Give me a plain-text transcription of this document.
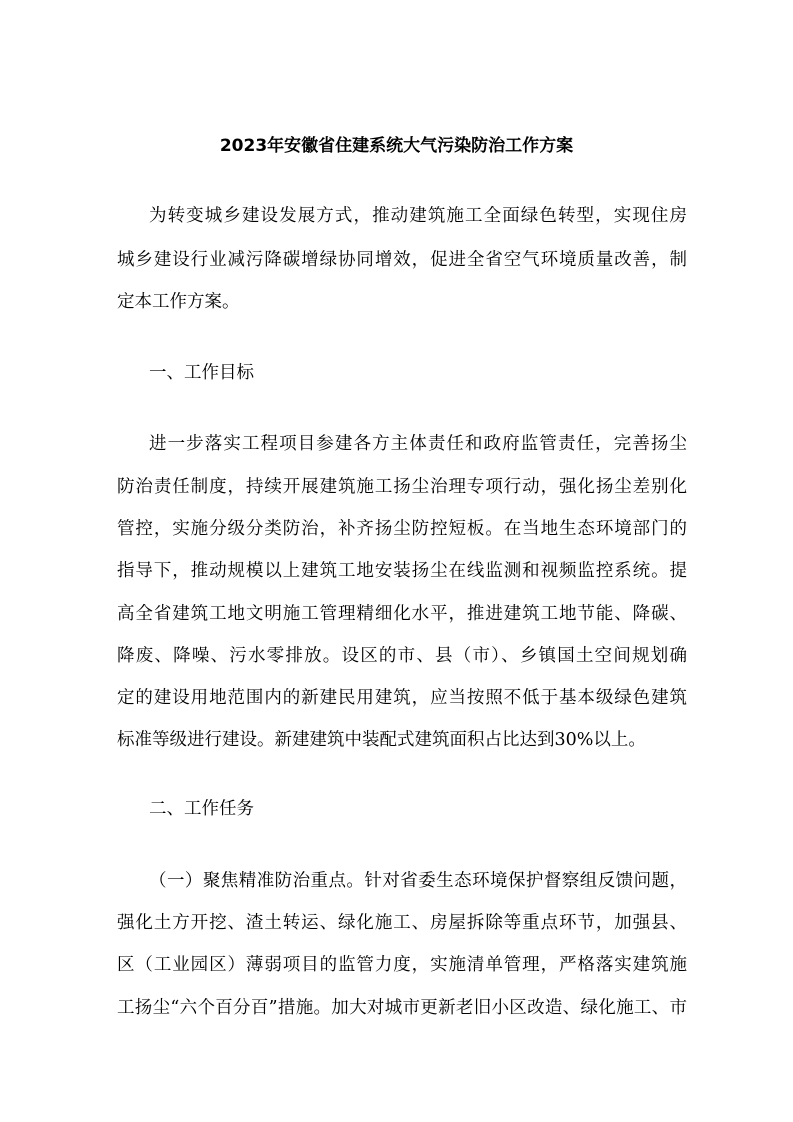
2023年安徽省住建系统大气污染防治工作方案

为转变城乡建设发展方式，推动建筑施工全面绿色转型，实现住房

城乡建设行业减污降碳增绿协同增效，促进全省空气环境质量改善，制

定本工作方案。

一、工作目标

进一步落实工程项目参建各方主体责任和政府监管责任，完善扬尘

防治责任制度，持续开展建筑施工扬尘治理专项行动，强化扬尘差别化

管控，实施分级分类防治，补齐扬尘防控短板。在当地生态环境部门的

指导下，推动规模以上建筑工地安装扬尘在线监测和视频监控系统。提

高全省建筑工地文明施工管理精细化水平，推进建筑工地节能、降碳、

降废、降噪、污水零排放。设区的市、县（市）、乡镇国土空间规划确

定的建设用地范围内的新建民用建筑，应当按照不低于基本级绿色建筑

标准等级进行建设。新建建筑中装配式建筑面积占比达到30%以上。

二、工作任务

（一）聚焦精准防治重点。针对省委生态环境保护督察组反馈问题，

强化土方开挖、渣土转运、绿化施工、房屋拆除等重点环节，加强县、

区（工业园区）薄弱项目的监管力度，实施清单管理，严格落实建筑施

工扬尘“六个百分百”措施。加大对城市更新老旧小区改造、绿化施工、市
